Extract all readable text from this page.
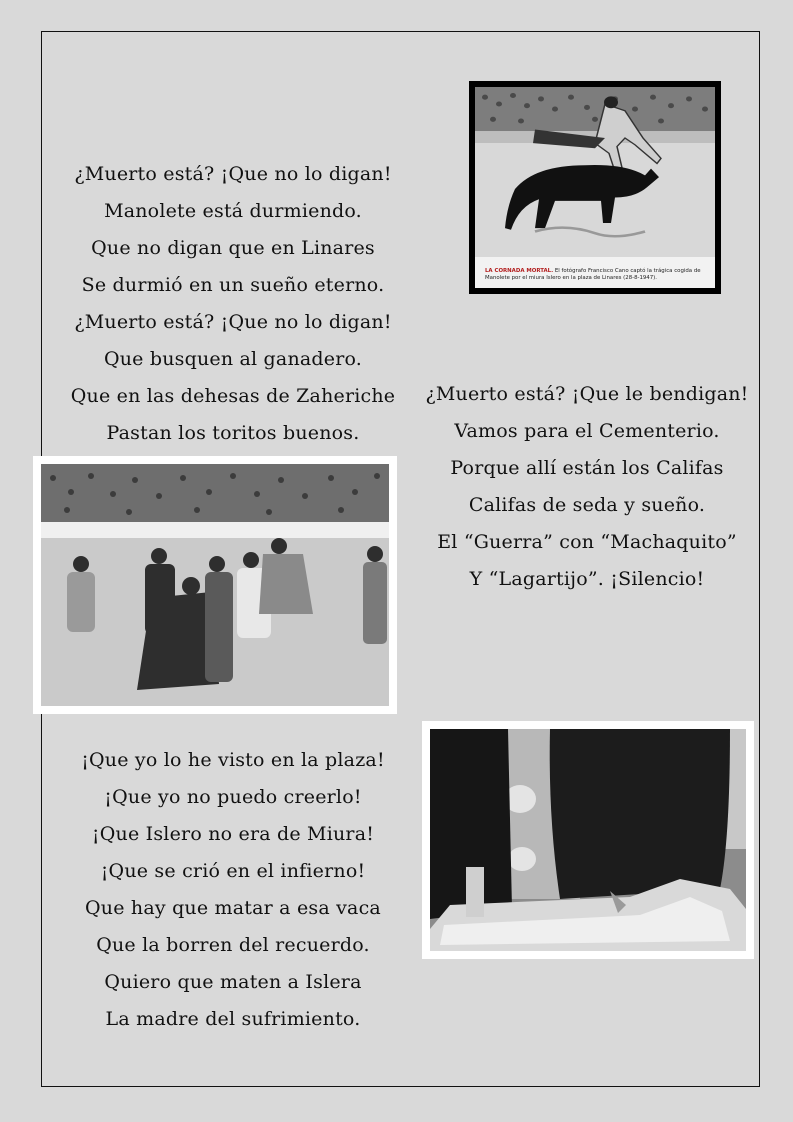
¿Muerto está? ¡Que no lo digan!
Manolete está durmiendo.
Que no digan que en Linares
Se durmió en un sueño eterno.
¿Muerto está? ¡Que no lo digan!
Que busquen al ganadero.
Que en las dehesas de Zaheriche
Pastan los toritos buenos.
¿Muerto está? ¡Que le bendigan!
Vamos para el Cementerio.
Porque allí están los Califas
Califas de seda y sueño.
El “Guerra” con “Machaquito”
Y “Lagartijo”. ¡Silencio!
¡Que yo lo he visto en la plaza!
¡Que yo no puedo creerlo!
¡Que Islero no era de Miura!
¡Que se crió en el infierno!
Que hay que matar a esa vaca
Que la borren del recuerdo.
Quiero que maten a Islera
La madre del sufrimiento.
LA CORNADA MORTAL. El fotógrafo Francisco Cano captó la trágica cogida de Manolete por el miura Islero en la plaza de Linares (28-8-1947).
